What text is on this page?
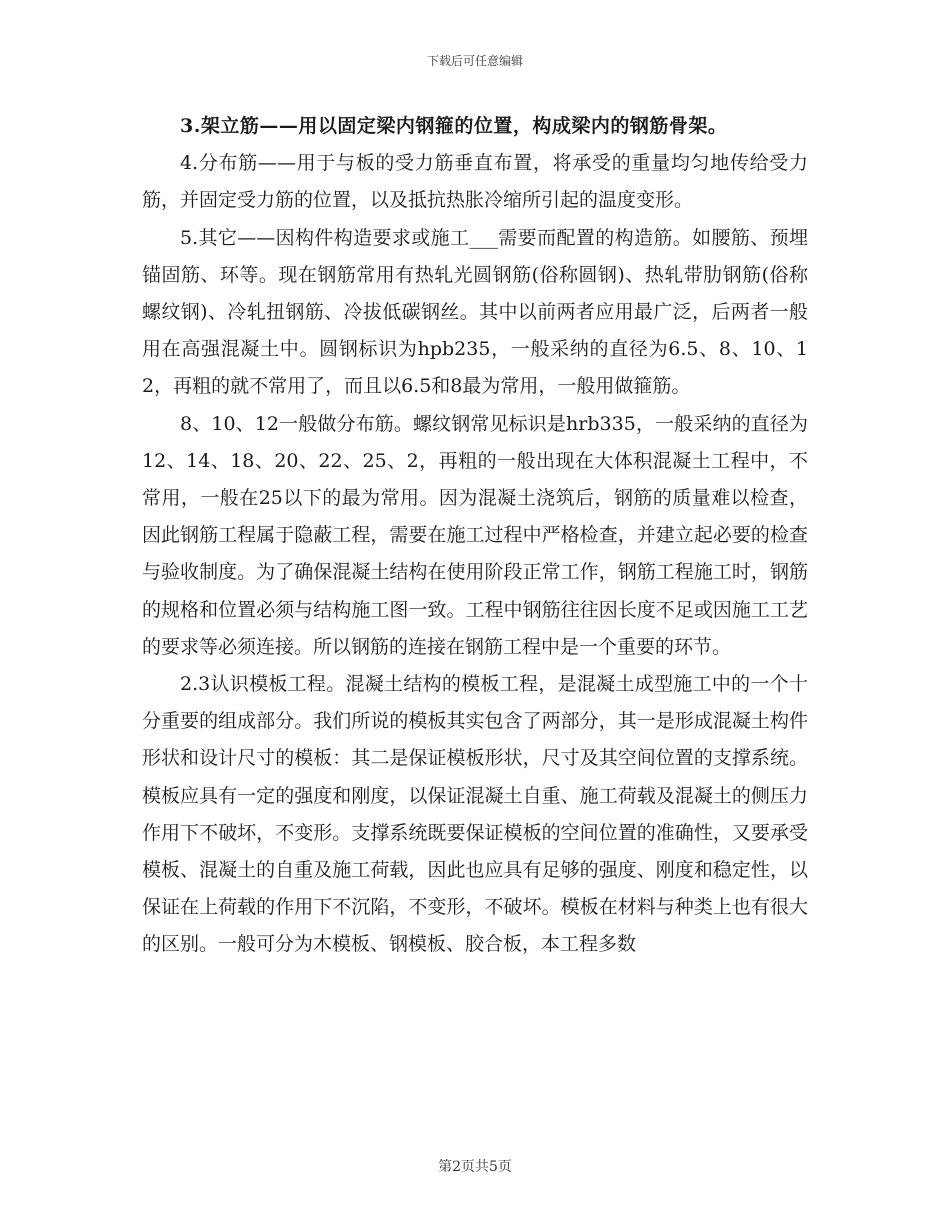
下载后可任意编辑

3.架立筋——用以固定梁内钢箍的位置，构成梁内的钢筋骨架。

4.分布筋——用于与板的受力筋垂直布置，将承受的重量均匀地传给受力筋，并固定受力筋的位置，以及抵抗热胀冷缩所引起的温度变形。

5.其它——因构件构造要求或施工___需要而配置的构造筋。如腰筋、预埋锚固筋、环等。现在钢筋常用有热轧光圆钢筋(俗称圆钢)、热轧带肋钢筋(俗称螺纹钢)、冷轧扭钢筋、冷拔低碳钢丝。其中以前两者应用最广泛，后两者一般用在高强混凝土中。圆钢标识为hpb235，一般采纳的直径为6.5、8、10、12，再粗的就不常用了，而且以6.5和8最为常用，一般用做箍筋。

8、10、12一般做分布筋。螺纹钢常见标识是hrb335，一般采纳的直径为12、14、18、20、22、25、2，再粗的一般出现在大体积混凝土工程中，不常用，一般在25以下的最为常用。因为混凝土浇筑后，钢筋的质量难以检查，因此钢筋工程属于隐蔽工程，需要在施工过程中严格检查，并建立起必要的检查与验收制度。为了确保混凝土结构在使用阶段正常工作，钢筋工程施工时，钢筋的规格和位置必须与结构施工图一致。工程中钢筋往往因长度不足或因施工工艺的要求等必须连接。所以钢筋的连接在钢筋工程中是一个重要的环节。

2.3认识模板工程。混凝土结构的模板工程，是混凝土成型施工中的一个十分重要的组成部分。我们所说的模板其实包含了两部分，其一是形成混凝土构件形状和设计尺寸的模板：其二是保证模板形状，尺寸及其空间位置的支撑系统。模板应具有一定的强度和刚度，以保证混凝土自重、施工荷载及混凝土的侧压力作用下不破坏，不变形。支撑系统既要保证模板的空间位置的准确性，又要承受模板、混凝土的自重及施工荷载，因此也应具有足够的强度、刚度和稳定性，以保证在上荷载的作用下不沉陷，不变形，不破坏。模板在材料与种类上也有很大的区别。一般可分为木模板、钢模板、胶合板，本工程多数

第2页共5页
